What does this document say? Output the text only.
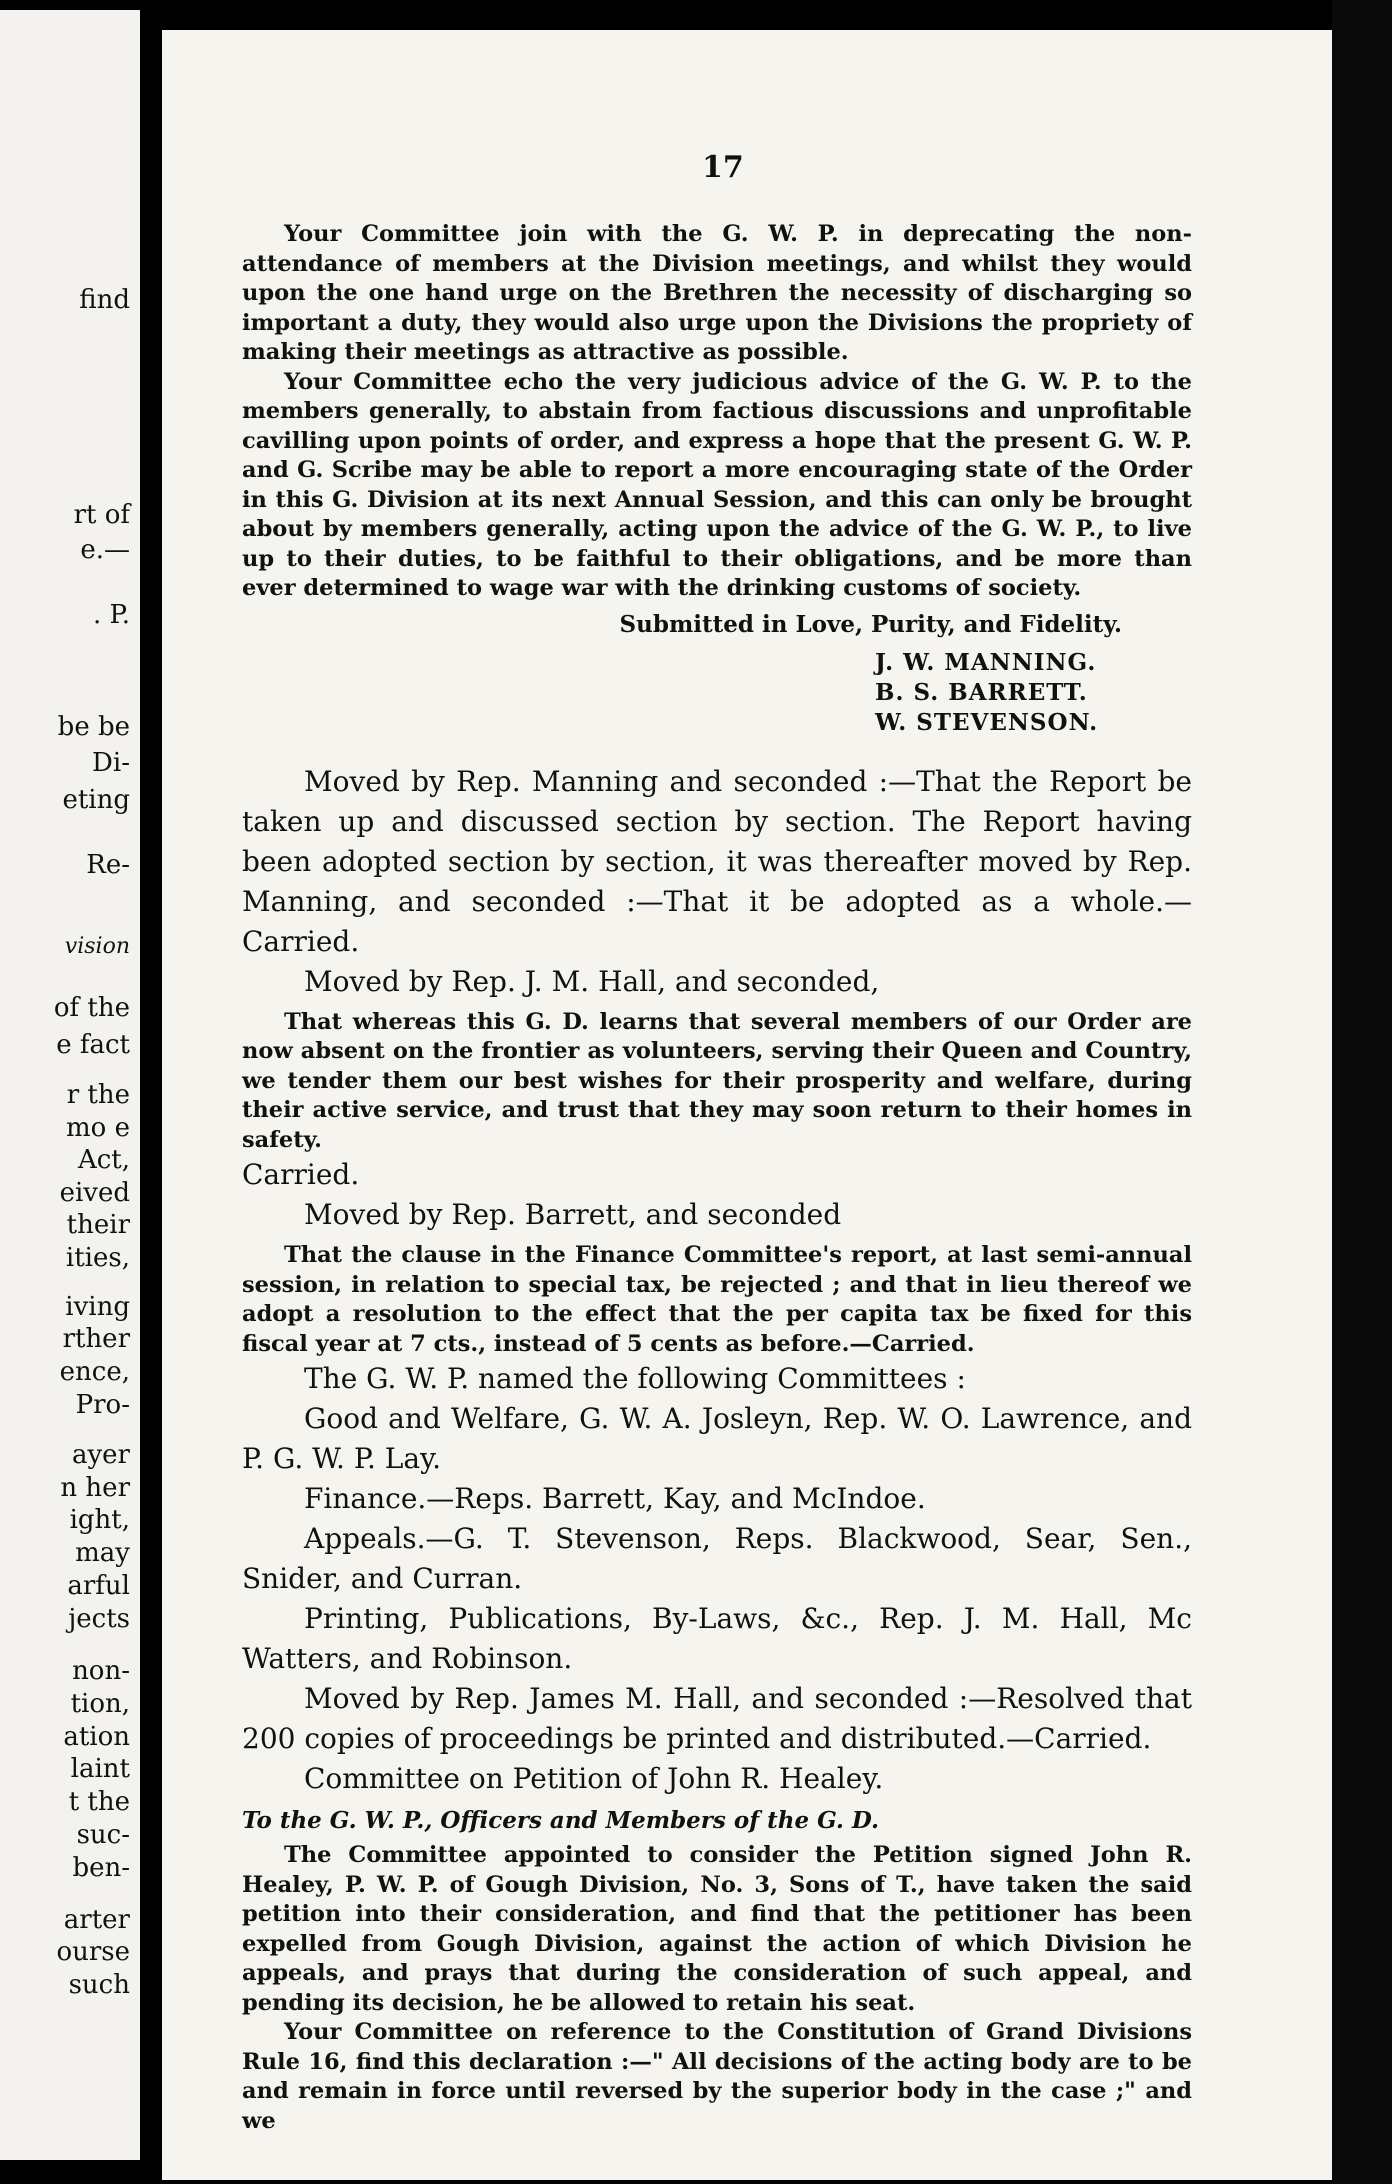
find
rt of
e.—
. P.
be be
Di-
eting
Re-
vision
of the
e fact
r the
mo e
Act,
eived
their
ities,
iving
rther
ence,
Pro-
ayer
n her
ight,
may
arful
jects
non-
tion,
ation
laint
t the
suc-
ben-
arter
ourse
such
17

Your Committee join with the G. W. P. in deprecating the non-attendance of members at the Division meetings, and whilst they would upon the one hand urge on the Brethren the necessity of discharging so important a duty, they would also urge upon the Divisions the propriety of making their meetings as attractive as possible.

Your Committee echo the very judicious advice of the G. W. P. to the members generally, to abstain from factious discussions and unprofitable cavilling upon points of order, and express a hope that the present G. W. P. and G. Scribe may be able to report a more encouraging state of the Order in this G. Division at its next Annual Session, and this can only be brought about by members generally, acting upon the advice of the G. W. P., to live up to their duties, to be faithful to their obligations, and be more than ever determined to wage war with the drinking customs of society.

Submitted in Love, Purity, and Fidelity.
J. W. MANNING.
B. S. BARRETT.
W. STEVENSON.

Moved by Rep. Manning and seconded :—That the Report be taken up and discussed section by section. The Report having been adopted section by section, it was thereafter moved by Rep. Manning, and seconded :—That it be adopted as a whole.—Carried.

Moved by Rep. J. M. Hall, and seconded,

That whereas this G. D. learns that several members of our Order are now absent on the frontier as volunteers, serving their Queen and Country, we tender them our best wishes for their prosperity and welfare, during their active service, and trust that they may soon return to their homes in safety.

Carried.

Moved by Rep. Barrett, and seconded

That the clause in the Finance Committee's report, at last semi-annual session, in relation to special tax, be rejected ; and that in lieu thereof we adopt a resolution to the effect that the per capita tax be fixed for this fiscal year at 7 cts., instead of 5 cents as before.—Carried.

The G. W. P. named the following Committees :

Good and Welfare, G. W. A. Josleyn, Rep. W. O. Lawrence, and P. G. W. P. Lay.

Finance.—Reps. Barrett, Kay, and McIndoe.

Appeals.—G. T. Stevenson, Reps. Blackwood, Sear, Sen., Snider, and Curran.

Printing, Publications, By-Laws, &c., Rep. J. M. Hall, Mc Watters, and Robinson.

Moved by Rep. James M. Hall, and seconded :—Resolved that 200 copies of proceedings be printed and distributed.—Carried.

Committee on Petition of John R. Healey.

To the G. W. P., Officers and Members of the G. D.

The Committee appointed to consider the Petition signed John R. Healey, P. W. P. of Gough Division, No. 3, Sons of T., have taken the said petition into their consideration, and find that the petitioner has been expelled from Gough Division, against the action of which Division he appeals, and prays that during the consideration of such appeal, and pending its decision, he be allowed to retain his seat.

Your Committee on reference to the Constitution of Grand Divisions Rule 16, find this declaration :—" All decisions of the acting body are to be and remain in force until reversed by the superior body in the case ;" and we
